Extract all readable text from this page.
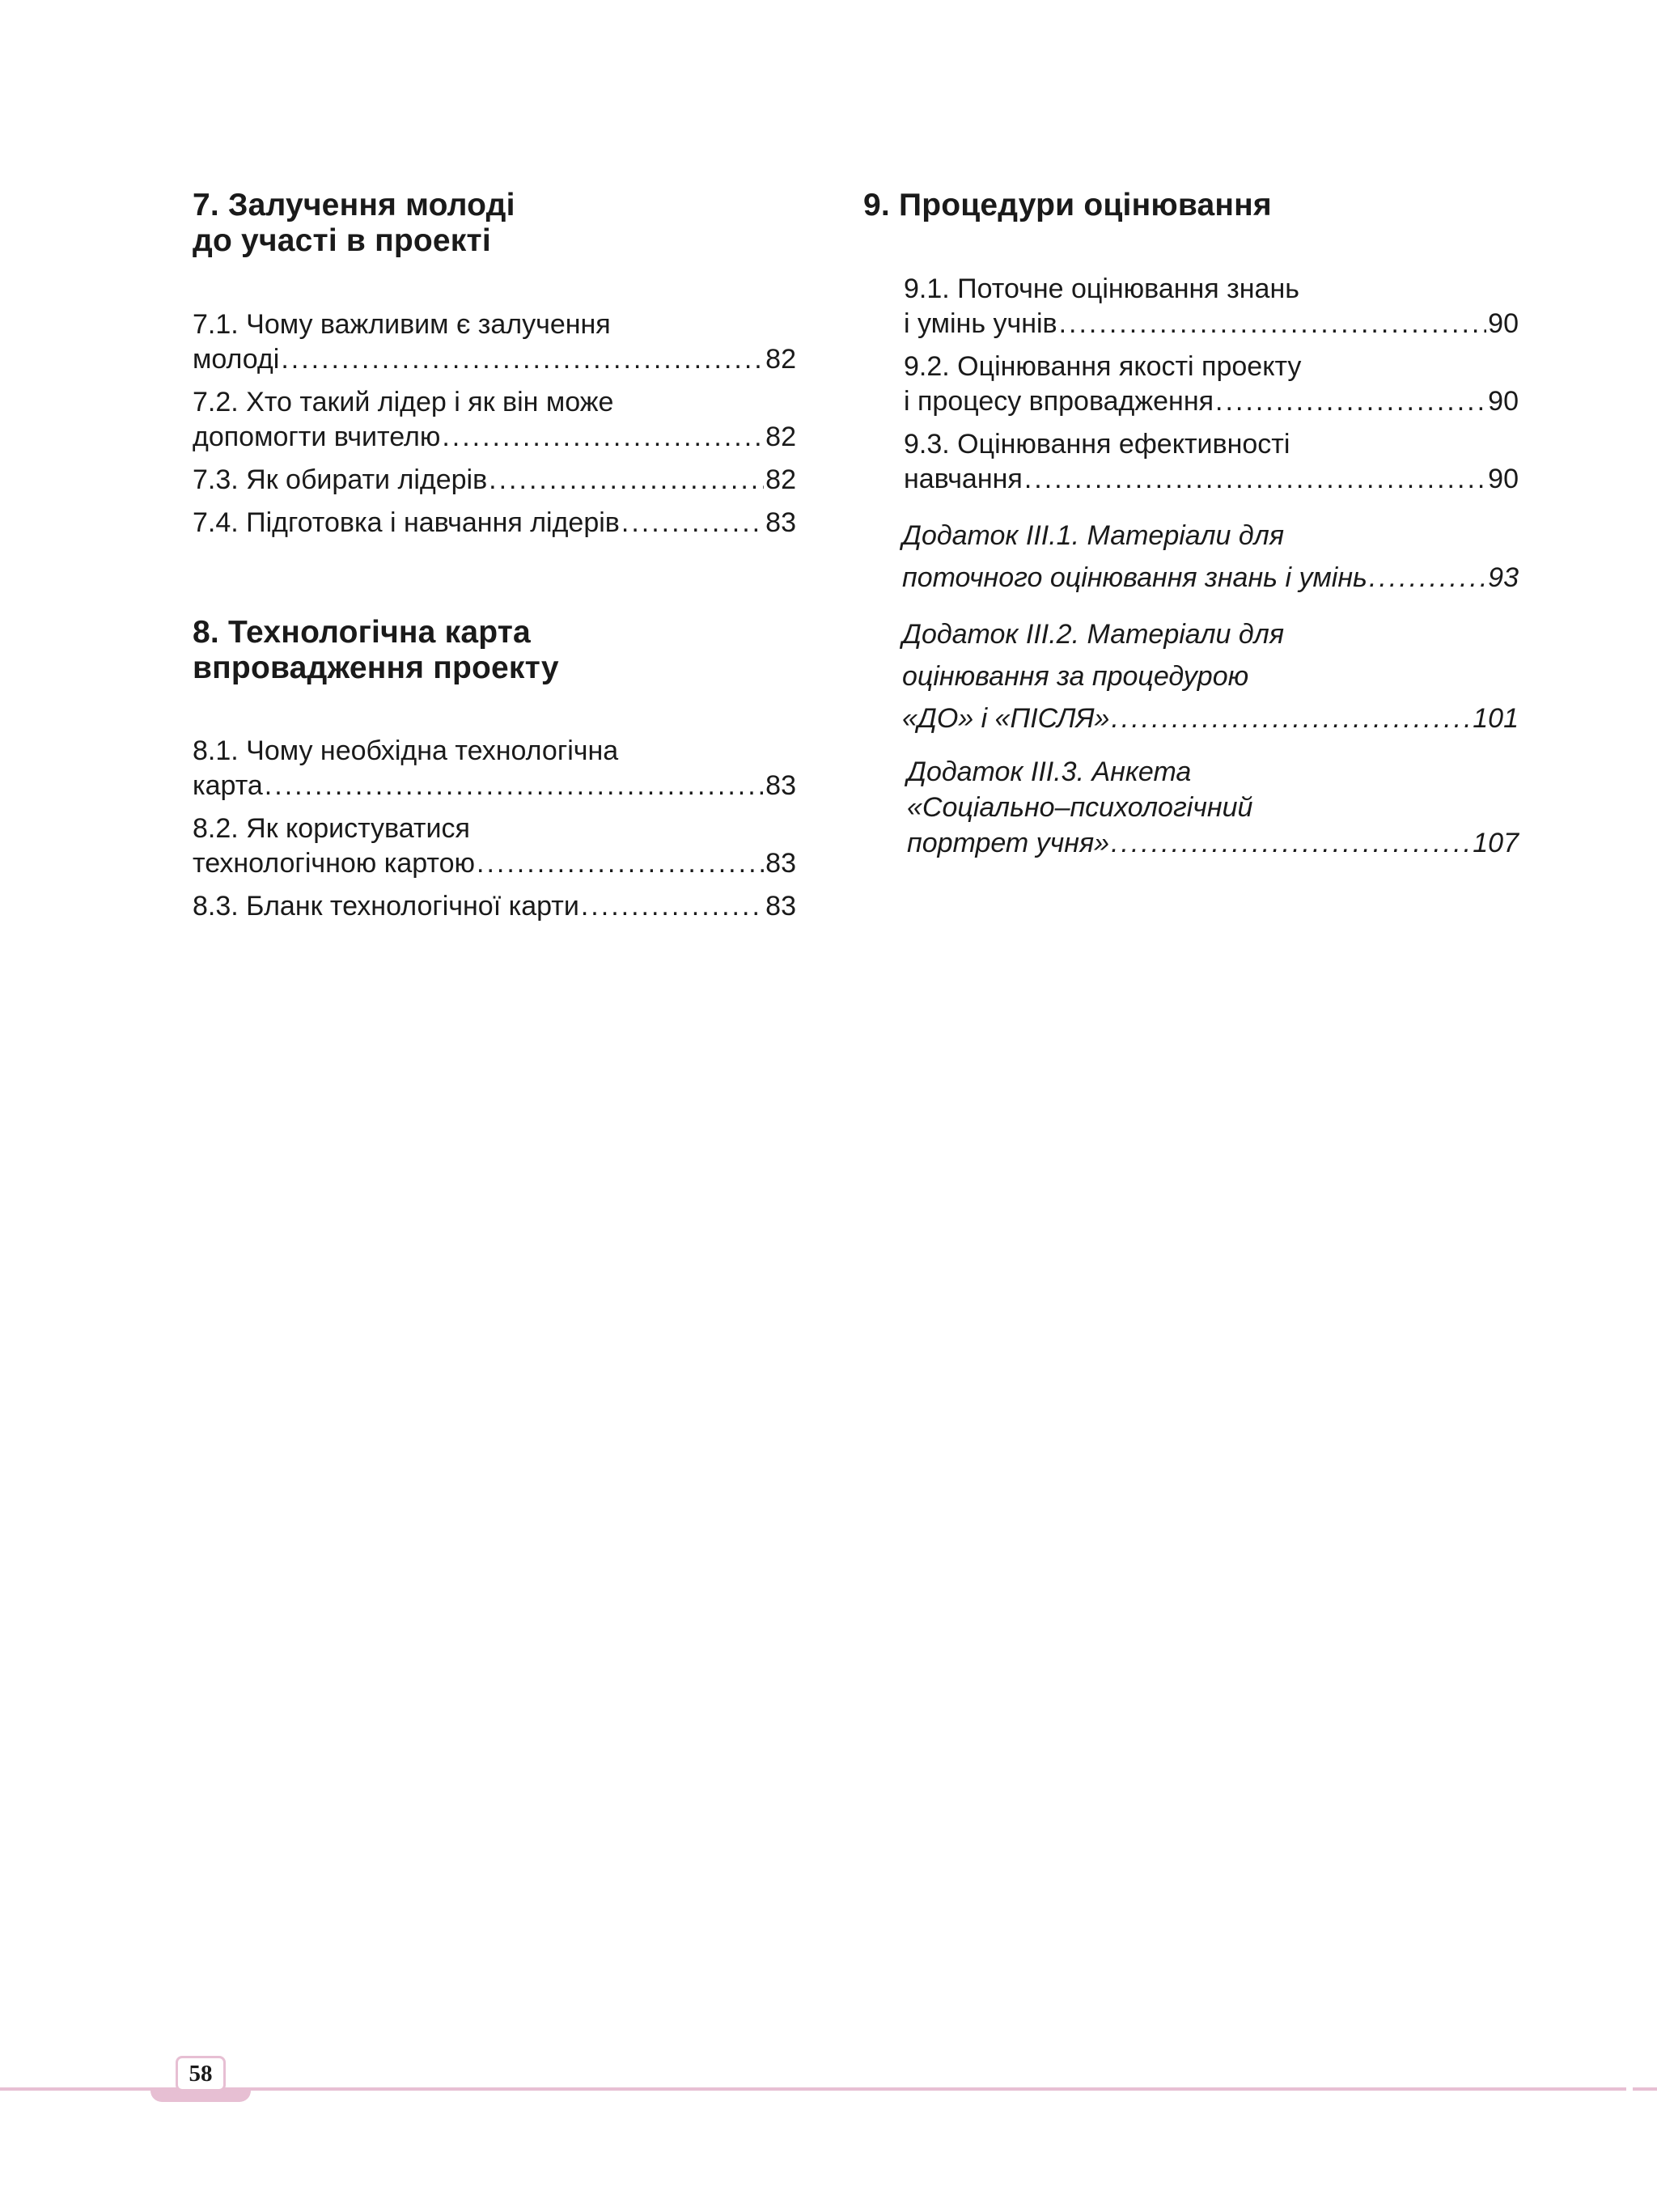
7. Залучення молоді
до участі в проекті
7.1. Чому важливим є залучення
молоді .....	82
7.2. Хто такий лідер і як він може
допомогти вчителю .....	82
7.3. Як обирати лідерів .....	82
7.4. Підготовка і навчання лідерів .....	83
8. Технологічна карта
впровадження проекту
8.1. Чому необхідна технологічна
карта .....	83
8.2. Як користуватися
технологічною картою .....	83
8.3. Бланк технологічної карти .....	83
9. Процедури оцінювання
9.1. Поточне оцінювання знань
і умінь учнів .....	90
9.2. Оцінювання якості проекту
і процесу впровадження .....	90
9.3. Оцінювання ефективності
навчання .....	90
Додаток ІІІ.1. Матеріали для
поточного оцінювання знань і умінь .....	93
Додаток ІІІ.2. Матеріали для
оцінювання за процедурою
«ДО» і «ПІСЛЯ» .....	101
Додаток ІІІ.3. Анкета
«Соціально–психологічний
портрет учня» .....	107
58
